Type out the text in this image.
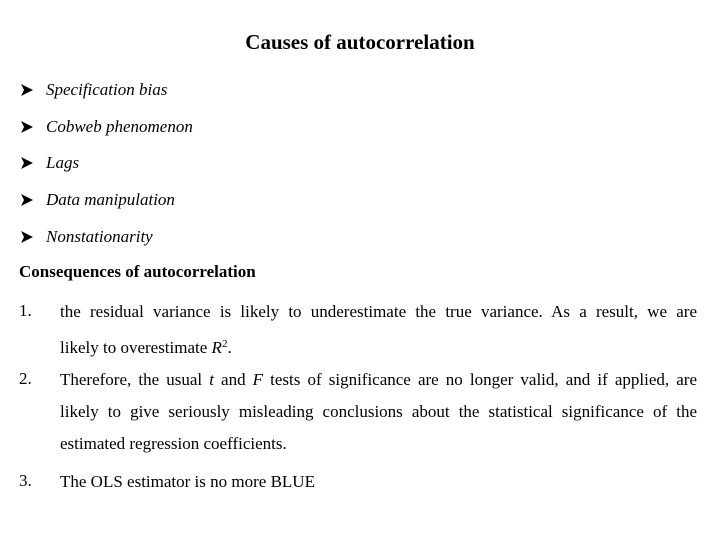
Causes of autocorrelation
Specification bias
Cobweb phenomenon
Lags
Data manipulation
Nonstationarity
Consequences of autocorrelation
1. the residual variance is likely to underestimate the true variance. As a result, we are
likely to overestimate $R^2$.
2. Therefore, the usual t and F tests of significance are no longer valid, and if applied, are
likely to give seriously misleading conclusions about the statistical significance of the
estimated regression coefficients.
3. The OLS estimator is no more BLUE
